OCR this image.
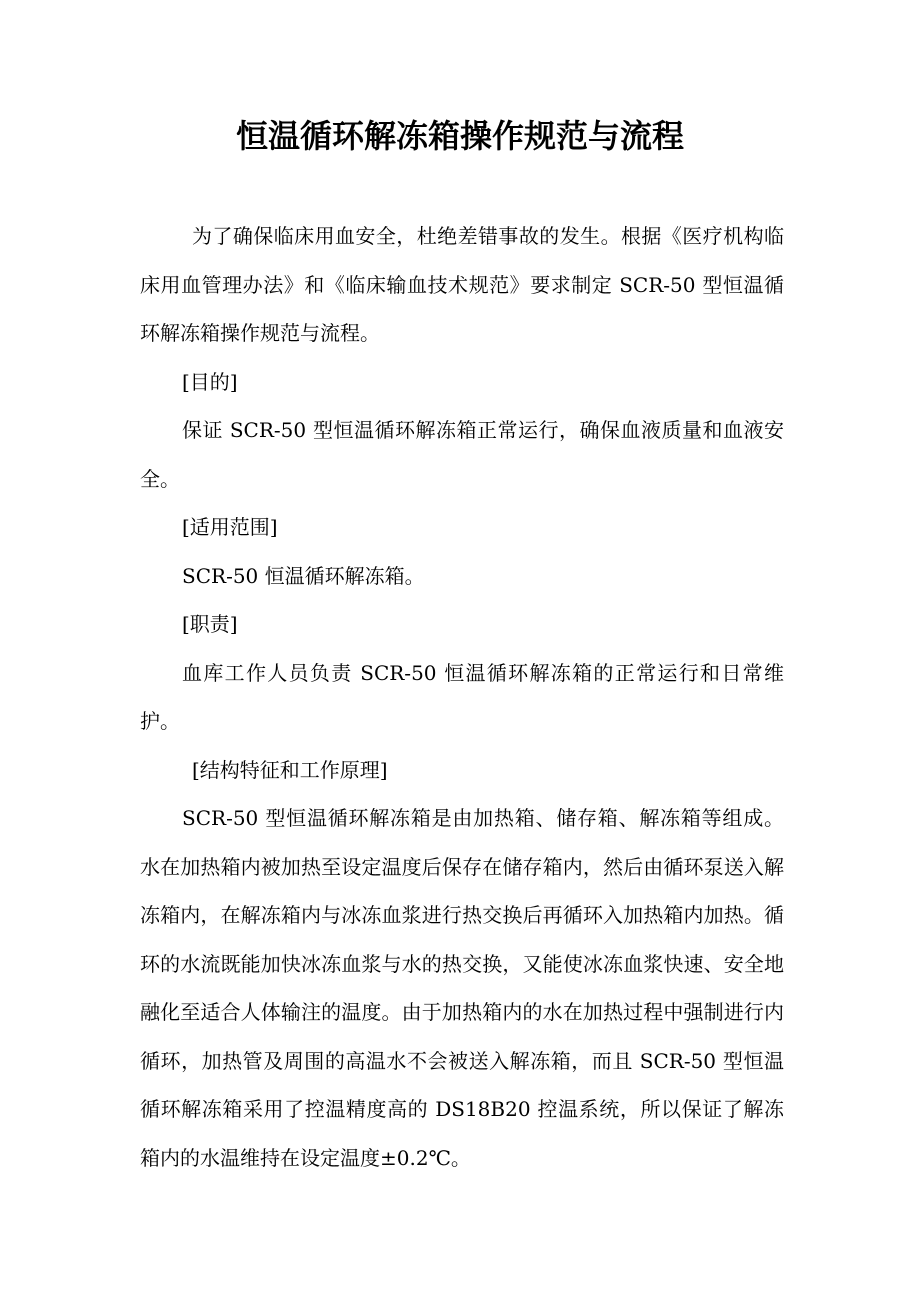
恒温循环解冻箱操作规范与流程

为了确保临床用血安全，杜绝差错事故的发生。根据《医疗机构临床用血管理办法》和《临床输血技术规范》要求制定 SCR-50 型恒温循环解冻箱操作规范与流程。

[目的]

保证 SCR-50 型恒温循环解冻箱正常运行，确保血液质量和血液安全。

[适用范围]

SCR-50 恒温循环解冻箱。

[职责]

血库工作人员负责 SCR-50 恒温循环解冻箱的正常运行和日常维护。

[结构特征和工作原理]

SCR-50 型恒温循环解冻箱是由加热箱、储存箱、解冻箱等组成。水在加热箱内被加热至设定温度后保存在储存箱内，然后由循环泵送入解冻箱内，在解冻箱内与冰冻血浆进行热交换后再循环入加热箱内加热。循环的水流既能加快冰冻血浆与水的热交换，又能使冰冻血浆快速、安全地融化至适合人体输注的温度。由于加热箱内的水在加热过程中强制进行内循环，加热管及周围的高温水不会被送入解冻箱，而且 SCR-50 型恒温循环解冻箱采用了控温精度高的 DS18B20 控温系统，所以保证了解冻箱内的水温维持在设定温度±0.2℃。
